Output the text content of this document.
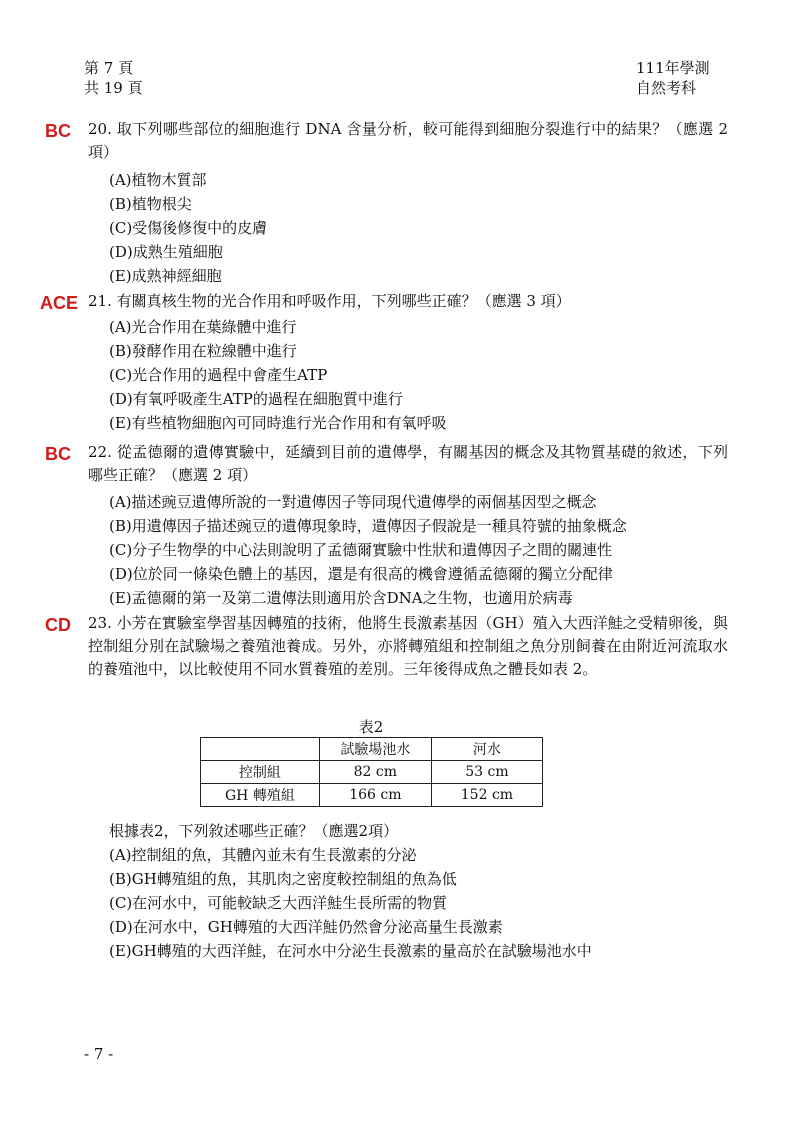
第 7 頁
共 19 頁
111年學測
自然考科
BC 20. 取下列哪些部位的細胞進行 DNA 含量分析，較可能得到細胞分裂進行中的結果？（應選 2 項）
(A)植物木質部
(B)植物根尖
(C)受傷後修復中的皮膚
(D)成熟生殖細胞
(E)成熟神經細胞
ACE 21. 有關真核生物的光合作用和呼吸作用，下列哪些正確？（應選 3 項）
(A)光合作用在葉綠體中進行
(B)發酵作用在粒線體中進行
(C)光合作用的過程中會產生ATP
(D)有氧呼吸產生ATP的過程在細胞質中進行
(E)有些植物細胞內可同時進行光合作用和有氧呼吸
BC 22. 從孟德爾的遺傳實驗中，延續到目前的遺傳學，有關基因的概念及其物質基礎的敘述，下列哪些正確？（應選 2 項）
(A)描述豌豆遺傳所說的一對遺傳因子等同現代遺傳學的兩個基因型之概念
(B)用遺傳因子描述豌豆的遺傳現象時，遺傳因子假說是一種具符號的抽象概念
(C)分子生物學的中心法則說明了孟德爾實驗中性狀和遺傳因子之間的關連性
(D)位於同一條染色體上的基因，還是有很高的機會遵循孟德爾的獨立分配律
(E)孟德爾的第一及第二遺傳法則適用於含DNA之生物，也適用於病毒
CD 23. 小芳在實驗室學習基因轉殖的技術，他將生長激素基因（GH）殖入大西洋鮭之受精卵後，與控制組分別在試驗場之養殖池養成。另外，亦將轉殖組和控制組之魚分別飼養在由附近河流取水的養殖池中，以比較使用不同水質養殖的差別。三年後得成魚之體長如表 2。
表2
	試驗場池水	河水
控制組	82 cm	53 cm
GH 轉殖組	166 cm	152 cm
根據表2，下列敘述哪些正確？（應選2項）
(A)控制組的魚，其體內並未有生長激素的分泌
(B)GH轉殖組的魚，其肌肉之密度較控制組的魚為低
(C)在河水中，可能較缺乏大西洋鮭生長所需的物質
(D)在河水中，GH轉殖的大西洋鮭仍然會分泌高量生長激素
(E)GH轉殖的大西洋鮭，在河水中分泌生長激素的量高於在試驗場池水中
- 7 -
